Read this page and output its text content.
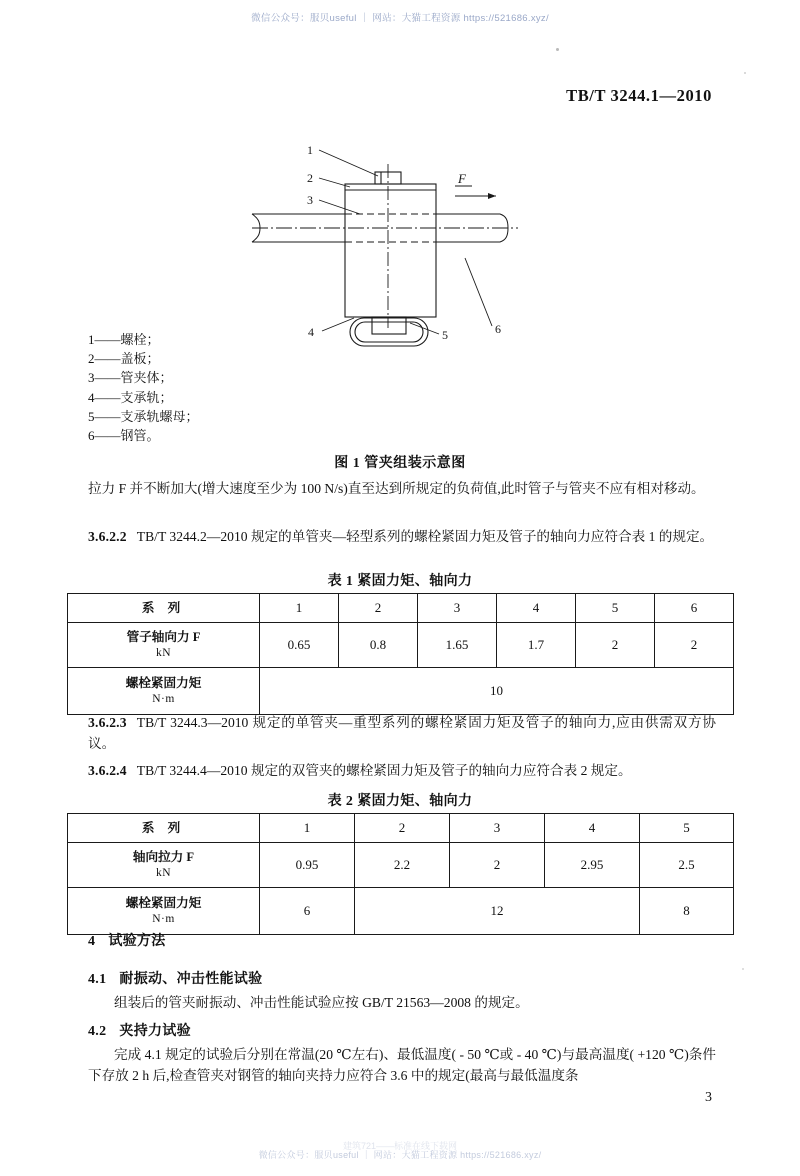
微信公众号：服贝useful ｜ 网站：大猫工程资源 https://521686.xyz/
TB/T 3244.1—2010
1
2
3
4	5	6
F
1——螺栓；
2——盖板；
3——管夹体；
4——支承轨；
5——支承轨螺母；
6——钢管。
图 1 管夹组装示意图
拉力 F 并不断加大(增大速度至少为 100 N/s)直至达到所规定的负荷值,此时管子与管夹不应有相对移动。
3.6.2.2 TB/T 3244.2—2010 规定的单管夹—轻型系列的螺栓紧固力矩及管子的轴向力应符合表 1 的规定。
表 1 紧固力矩、轴向力
系 列	1	2	3	4	5	6
管子轴向力 F
kN	0.65	0.8	1.65	1.7	2	2
螺栓紧固力矩
N·m	10					
3.6.2.3 TB/T 3244.3—2010 规定的单管夹—重型系列的螺栓紧固力矩及管子的轴向力,应由供需双方协议。
3.6.2.4 TB/T 3244.4—2010 规定的双管夹的螺栓紧固力矩及管子的轴向力应符合表 2 规定。
表 2 紧固力矩、轴向力
系 列	1	2	3	4	5
轴向拉力 F
kN	0.95	2.2	2	2.95	2.5
螺栓紧固力矩
N·m	6	12			8
4 试验方法
4.1 耐振动、冲击性能试验
组装后的管夹耐振动、冲击性能试验应按 GB/T 21563—2008 的规定。
4.2 夹持力试验
完成 4.1 规定的试验后分别在常温(20 ℃左右)、最低温度( - 50 ℃或 - 40 ℃)与最高温度( +120 ℃)条件下存放 2 h 后,检查管夹对钢管的轴向夹持力应符合 3.6 中的规定(最高与最低温度条
3
建筑721——标准在线下载网
微信公众号：服贝useful ｜ 网站：大猫工程资源 https://521686.xyz/
